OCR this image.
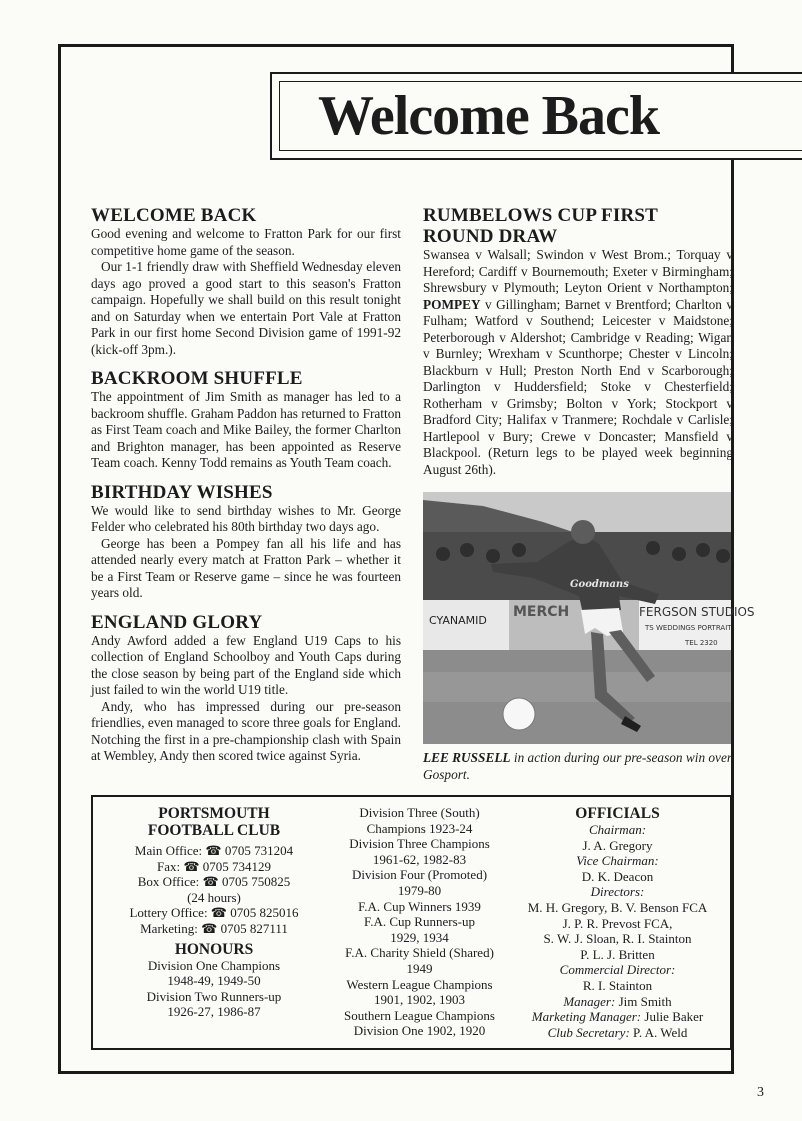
Welcome Back
WELCOME BACK

Good evening and welcome to Fratton Park for our first competitive home game of the season.

Our 1-1 friendly draw with Sheffield Wednesday eleven days ago proved a good start to this season's Fratton campaign. Hopefully we shall build on this result tonight and on Saturday when we entertain Port Vale at Fratton Park in our first home Second Division game of 1991-92 (kick-off 3pm.).

BACKROOM SHUFFLE

The appointment of Jim Smith as manager has led to a backroom shuffle. Graham Paddon has returned to Fratton as First Team coach and Mike Bailey, the former Charlton and Brighton manager, has been appointed as Reserve Team coach. Kenny Todd remains as Youth Team coach.

BIRTHDAY WISHES

We would like to send birthday wishes to Mr. George Felder who celebrated his 80th birthday two days ago.

George has been a Pompey fan all his life and has attended nearly every match at Fratton Park – whether it be a First Team or Reserve game – since he was fourteen years old.

ENGLAND GLORY

Andy Awford added a few England U19 Caps to his collection of England Schoolboy and Youth Caps during the close season by being part of the England side which just failed to win the world U19 title.

Andy, who has impressed during our pre-season friendlies, even managed to score three goals for England. Notching the first in a pre-championship clash with Spain at Wembley, Andy then scored twice against Syria.

RUMBELOWS CUP FIRST ROUND DRAW

Swansea v Walsall; Swindon v West Brom.; Torquay v Hereford; Cardiff v Bournemouth; Exeter v Birmingham; Shrewsbury v Plymouth; Leyton Orient v Northampton; POMPEY v Gillingham; Barnet v Brentford; Charlton v Fulham; Watford v Southend; Leicester v Maidstone; Peterborough v Aldershot; Cambridge v Reading; Wigan v Burnley; Wrexham v Scunthorpe; Chester v Lincoln; Blackburn v Hull; Preston North End v Scarborough; Darlington v Huddersfield; Stoke v Chesterfield; Rotherham v Grimsby; Bolton v York; Stockport v Bradford City; Halifax v Tranmere; Rochdale v Carlisle; Hartlepool v Bury; Crewe v Doncaster; Mansfield v Blackpool. (Return legs to be played week beginning August 26th).

CYANAMID
MERCH	FERGSON STUDIOS
TS WEDDINGS PORTRAIT
TEL 2320
Goodmans
LEE RUSSELL in action during our pre-season win over Gosport.
PORTSMOUTH
FOOTBALL CLUB
Main Office: ☎ 0705 731204
Fax: ☎ 0705 734129
Box Office: ☎ 0705 750825
(24 hours)
Lottery Office: ☎ 0705 825016
Marketing: ☎ 0705 827111
HONOURS
Division One Champions
1948-49, 1949-50
Division Two Runners-up
1926-27, 1986-87
Division Three (South)
Champions 1923-24
Division Three Champions
1961-62, 1982-83
Division Four (Promoted)
1979-80
F.A. Cup Winners 1939
F.A. Cup Runners-up
1929, 1934
F.A. Charity Shield (Shared)
1949
Western League Champions
1901, 1902, 1903
Southern League Champions
Division One 1902, 1920
OFFICIALS
Chairman:
J. A. Gregory
Vice Chairman:
D. K. Deacon
Directors:
M. H. Gregory, B. V. Benson FCA
J. P. R. Prevost FCA,
S. W. J. Sloan, R. I. Stainton
P. L. J. Britten
Commercial Director:
R. I. Stainton
Manager: Jim Smith
Marketing Manager: Julie Baker
Club Secretary: P. A. Weld
3
